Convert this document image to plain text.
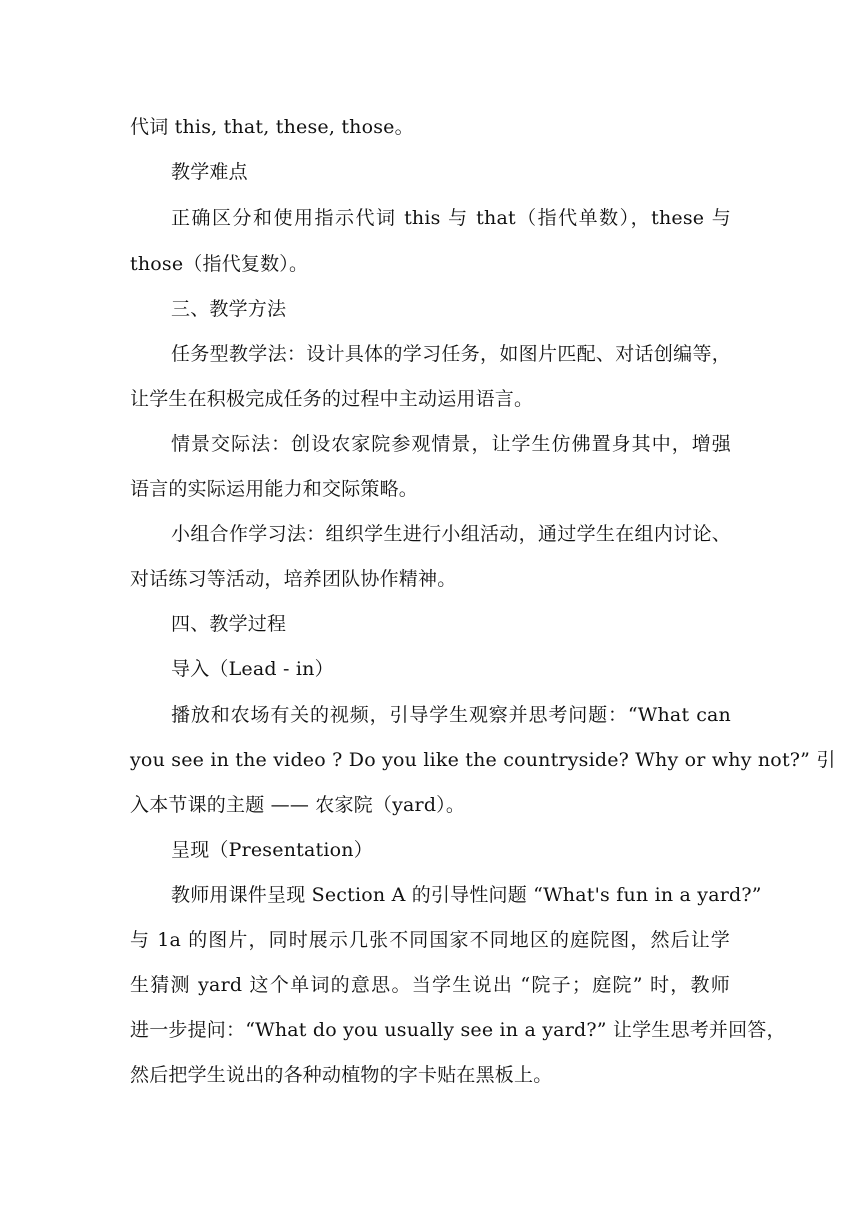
代词 this, that, these, those。
教学难点
正确区分和使用指示代词 this 与 that（指代单数），these 与
those（指代复数）。
三、教学方法
任务型教学法：设计具体的学习任务，如图片匹配、对话创编等，
让学生在积极完成任务的过程中主动运用语言。
情景交际法：创设农家院参观情景，让学生仿佛置身其中，增强
语言的实际运用能力和交际策略。
小组合作学习法：组织学生进行小组活动，通过学生在组内讨论、
对话练习等活动，培养团队协作精神。
四、教学过程
导入（Lead - in）
播放和农场有关的视频，引导学生观察并思考问题：“What can
you see in the video ? Do you like the countryside? Why or why not?” 引
入本节课的主题 —— 农家院（yard）。
呈现（Presentation）
教师用课件呈现 Section A 的引导性问题 “What's fun in a yard?”
与 1a 的图片，同时展示几张不同国家不同地区的庭院图，然后让学
生猜测 yard 这个单词的意思。当学生说出 “院子；庭院” 时，教师
进一步提问：“What do you usually see in a yard?” 让学生思考并回答，
然后把学生说出的各种动植物的字卡贴在黑板上。
